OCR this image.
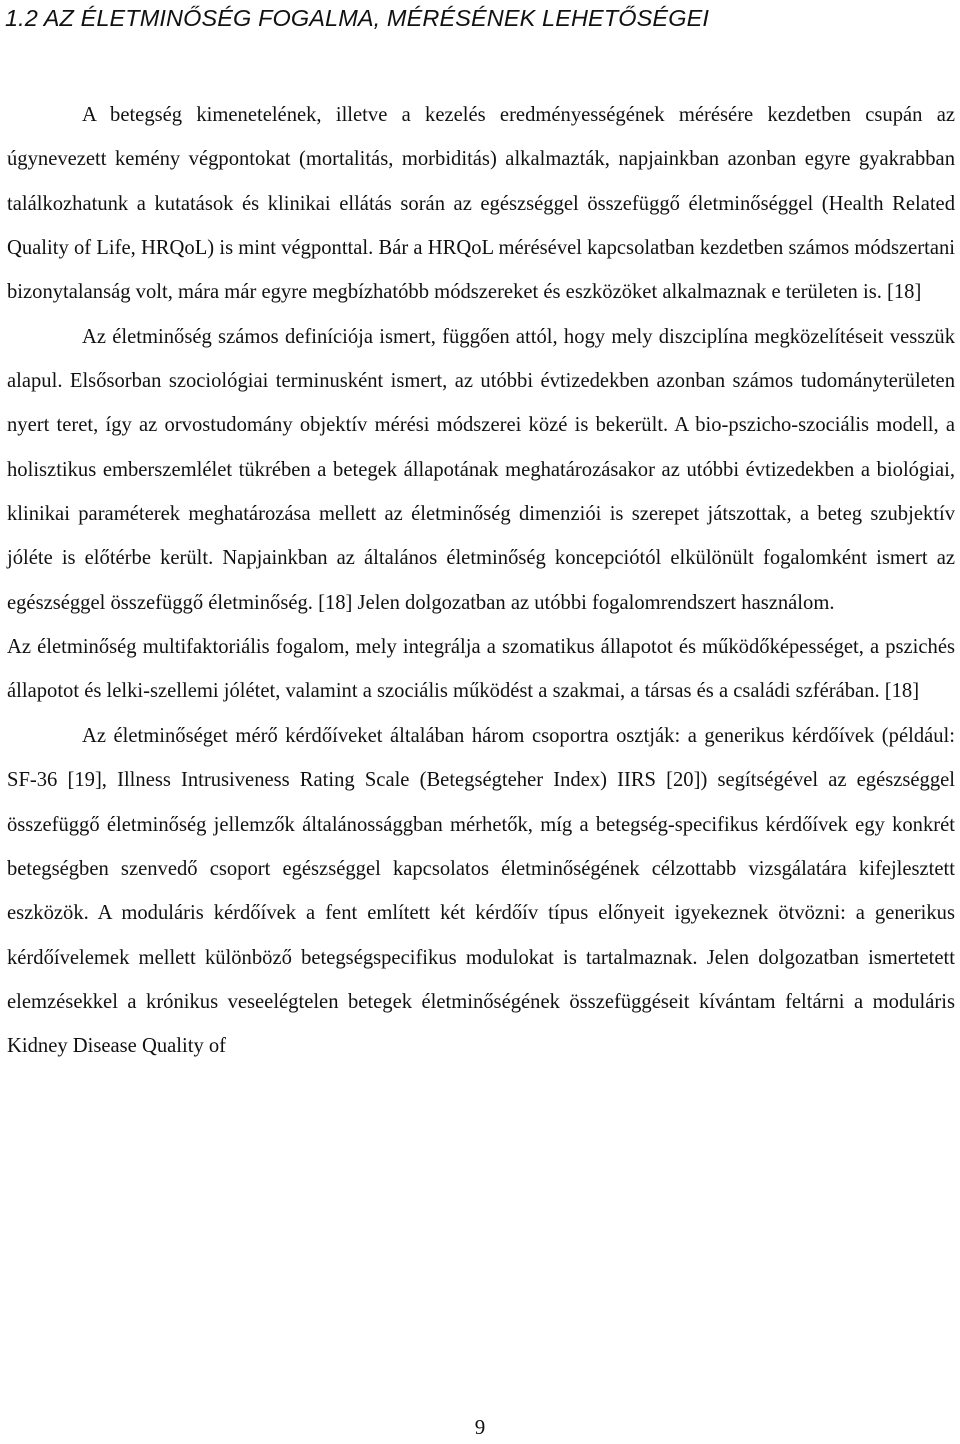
1.2 AZ ÉLETMINŐSÉG FOGALMA, MÉRÉSÉNEK LEHETŐSÉGEI

A betegség kimenetelének, illetve a kezelés eredményességének mérésére kezdetben csupán az úgynevezett kemény végpontokat (mortalitás, morbiditás) alkalmazták, napjainkban azonban egyre gyakrabban találkozhatunk a kutatások és klinikai ellátás során az egészséggel összefüggő életminőséggel (Health Related Quality of Life, HRQoL) is mint végponttal. Bár a HRQoL mérésével kapcsolatban kezdetben számos módszertani bizonytalanság volt, mára már egyre megbízhatóbb módszereket és eszközöket alkalmaznak e területen is. [18]

Az életminőség számos definíciója ismert, függően attól, hogy mely diszciplína megközelítéseit vesszük alapul. Elsősorban szociológiai terminusként ismert, az utóbbi évtizedekben azonban számos tudományterületen nyert teret, így az orvostudomány objektív mérési módszerei közé is bekerült. A bio-pszicho-szociális modell, a holisztikus emberszemlélet tükrében a betegek állapotának meghatározásakor az utóbbi évtizedekben a biológiai, klinikai paraméterek meghatározása mellett az életminőség dimenziói is szerepet játszottak, a beteg szubjektív jóléte is előtérbe került. Napjainkban az általános életminőség koncepciótól elkülönült fogalomként ismert az egészséggel összefüggő életminőség. [18] Jelen dolgozatban az utóbbi fogalomrendszert használom.

Az életminőség multifaktoriális fogalom, mely integrálja a szomatikus állapotot és működőképességet, a pszichés állapotot és lelki-szellemi jólétet, valamint a szociális működést a szakmai, a társas és a családi szférában. [18]

Az életminőséget mérő kérdőíveket általában három csoportra osztják: a generikus kérdőívek (például: SF-36 [19], Illness Intrusiveness Rating Scale (Betegségteher Index) IIRS [20]) segítségével az egészséggel összefüggő életminőség jellemzők általánossággban mérhetők, míg a betegség-specifikus kérdőívek egy konkrét betegségben szenvedő csoport egészséggel kapcsolatos életminőségének célzottabb vizsgálatára kifejlesztett eszközök. A moduláris kérdőívek a fent említett két kérdőív típus előnyeit igyekeznek ötvözni: a generikus kérdőívelemek mellett különböző betegségspecifikus modulokat is tartalmaznak. Jelen dolgozatban ismertetett elemzésekkel a krónikus veseelégtelen betegek életminőségének összefüggéseit kívántam feltárni a moduláris Kidney Disease Quality of

9
